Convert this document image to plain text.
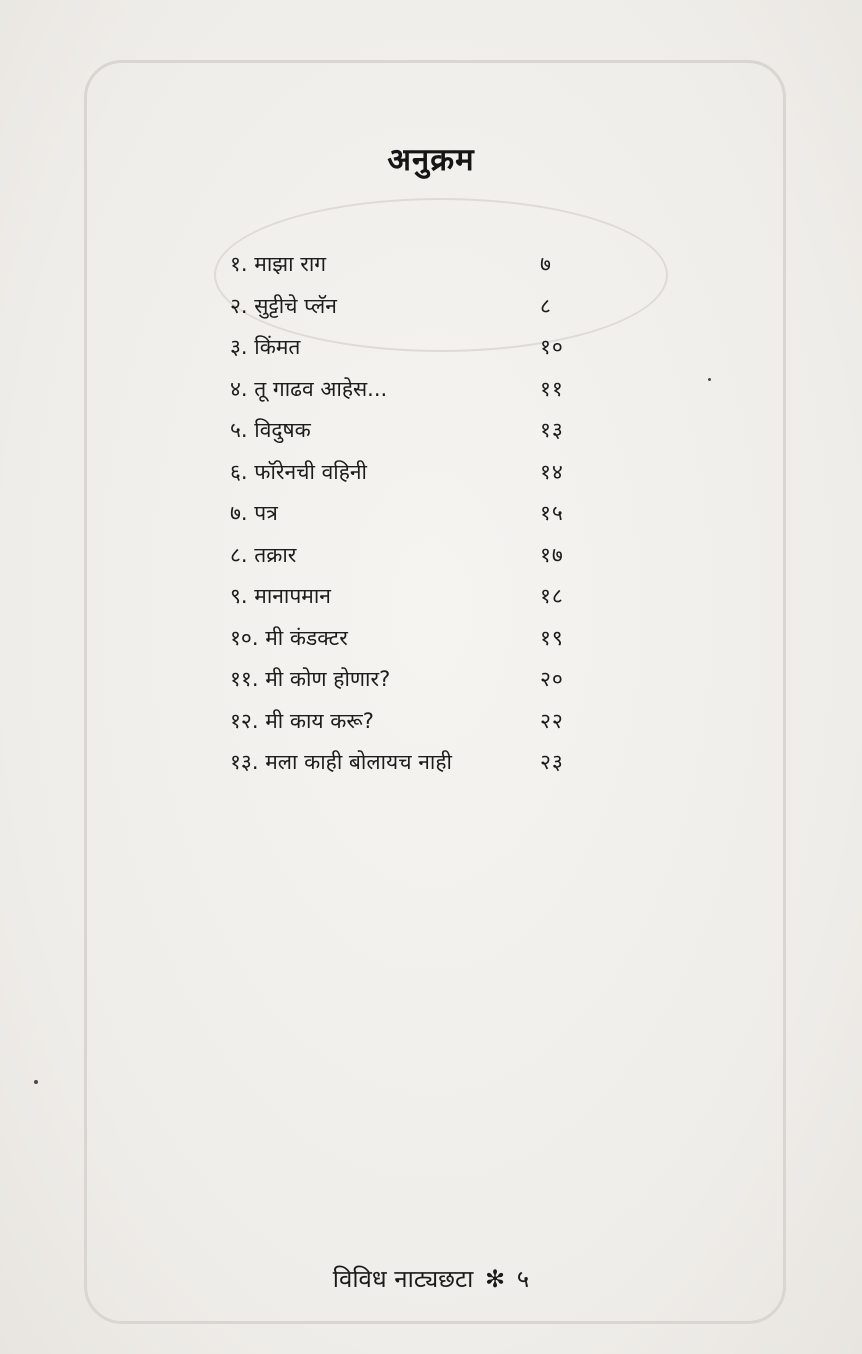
अनुक्रम
१. माझा राग	७
२. सुट्टीचे प्लॅन	८
३. किंमत	१०
४. तू गाढव आहेस...	११
५. विदुषक	१३
६. फॉरेनची वहिनी	१४
७. पत्र	१५
८. तक्रार	१७
९. मानापमान	१८
१०. मी कंडक्टर	१९
११. मी कोण होणार?	२०
१२. मी काय करू?	२२
१३. मला काही बोलायच नाही	२३
विविध नाट्यछटा ✻ ५
